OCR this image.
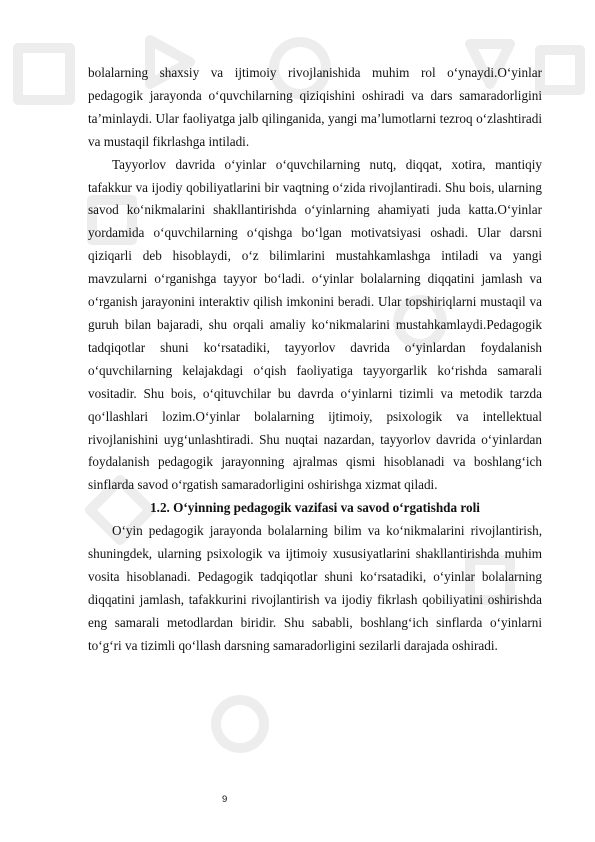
bolalarning shaxsiy va ijtimoiy rivojlanishida muhim rol o‘ynaydi.O‘yinlar pedagogik jarayonda o‘quvchilarning qiziqishini oshiradi va dars samaradorligini ta’minlaydi. Ular faoliyatga jalb qilinganida, yangi ma’lumotlarni tezroq o‘zlashtiradi va mustaqil fikrlashga intiladi.

Tayyorlov davrida o‘yinlar o‘quvchilarning nutq, diqqat, xotira, mantiqiy tafakkur va ijodiy qobiliyatlarini bir vaqtning o‘zida rivojlantiradi. Shu bois, ularning savod ko‘nikmalarini shakllantirishda o‘yinlarning ahamiyati juda katta.O‘yinlar yordamida o‘quvchilarning o‘qishga bo‘lgan motivatsiyasi oshadi. Ular darsni qiziqarli deb hisoblaydi, o‘z bilimlarini mustahkamlashga intiladi va yangi mavzularni o‘rganishga tayyor bo‘ladi. o‘yinlar bolalarning diqqatini jamlash va o‘rganish jarayonini interaktiv qilish imkonini beradi. Ular topshiriqlarni mustaqil va guruh bilan bajaradi, shu orqali amaliy ko‘nikmalarini mustahkamlaydi.Pedagogik tadqiqotlar shuni ko‘rsatadiki, tayyorlov davrida o‘yinlardan foydalanish o‘quvchilarning kelajakdagi o‘qish faoliyatiga tayyorgarlik ko‘rishda samarali vositadir. Shu bois, o‘qituvchilar bu davrda o‘yinlarni tizimli va metodik tarzda qo‘llashlari lozim.O‘yinlar bolalarning ijtimoiy, psixologik va intellektual rivojlanishini uyg‘unlashtiradi. Shu nuqtai nazardan, tayyorlov davrida o‘yinlardan foydalanish pedagogik jarayonning ajralmas qismi hisoblanadi va boshlang‘ich sinflarda savod o‘rgatish samaradorligini oshirishga xizmat qiladi.

1.2. O‘yinning pedagogik vazifasi va savod o‘rgatishda roli

O‘yin pedagogik jarayonda bolalarning bilim va ko‘nikmalarini rivojlantirish, shuningdek, ularning psixologik va ijtimoiy xususiyatlarini shakllantirishda muhim vosita hisoblanadi. Pedagogik tadqiqotlar shuni ko‘rsatadiki, o‘yinlar bolalarning diqqatini jamlash, tafakkurini rivojlantirish va ijodiy fikrlash qobiliyatini oshirishda eng samarali metodlardan biridir. Shu sababli, boshlang‘ich sinflarda o‘yinlarni to‘g‘ri va tizimli qo‘llash darsning samaradorligini sezilarli darajada oshiradi.

9
